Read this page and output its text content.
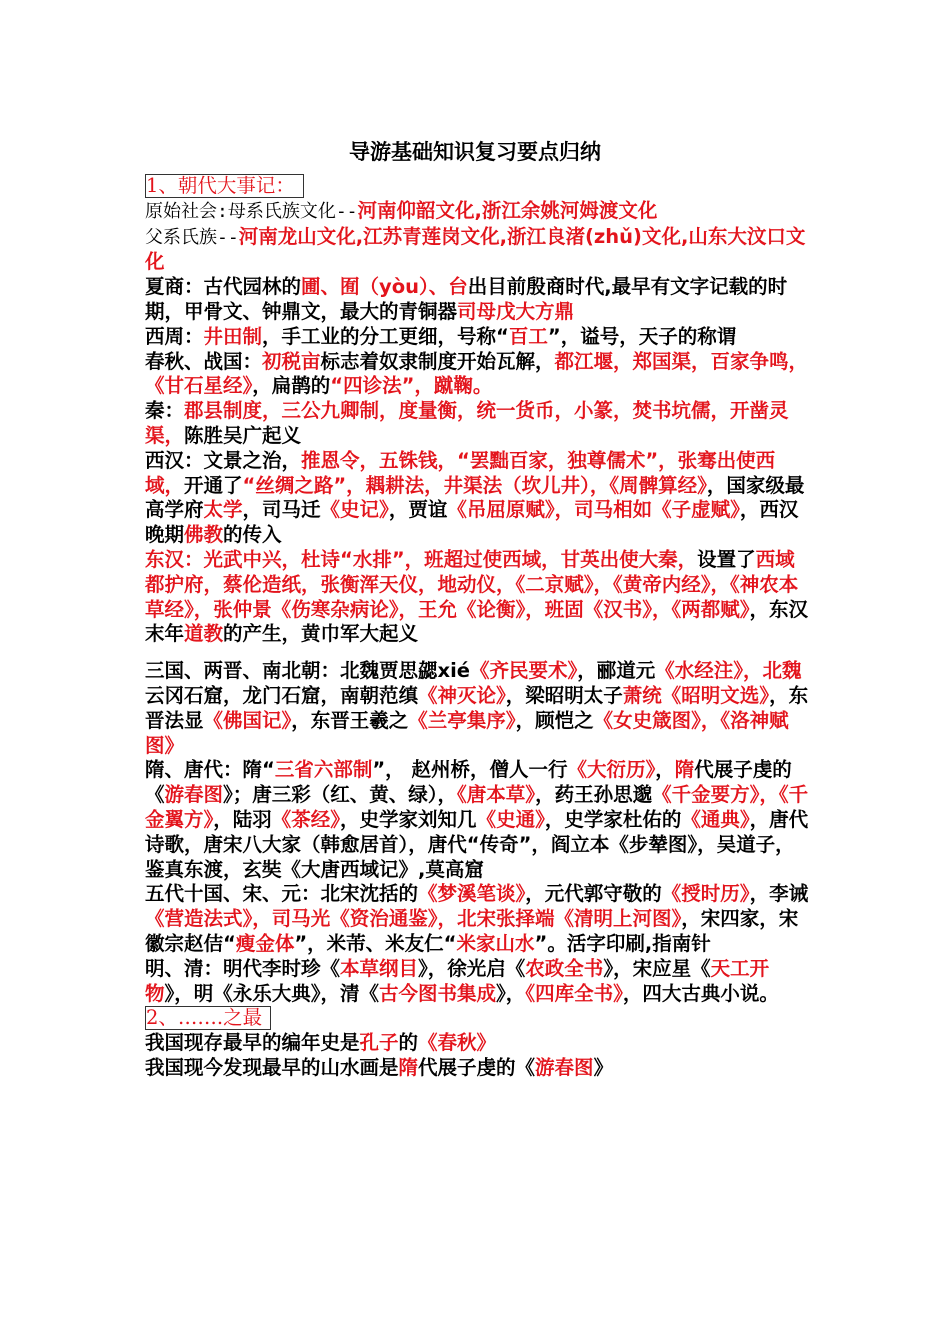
导游基础知识复习要点归纳
1、朝代大事记：

原始社会:母系氏族文化--河南仰韶文化,浙江余姚河姆渡文化

父系氏族--河南龙山文化,江苏青莲岗文化,浙江良渚(zhǔ)文化,山东大汶口文化

夏商：古代园林的圃、囿（yòu）、台出目前殷商时代,最早有文字记载的时期，甲骨文、钟鼎文，最大的青铜器司母戊大方鼎

西周：井田制，手工业的分工更细，号称“百工”，谥号，天子的称谓

春秋、战国：初税亩标志着奴隶制度开始瓦解，都江堰，郑国渠，百家争鸣，《甘石星经》，扁鹊的“四诊法”，蹴鞠。

秦：郡县制度，三公九卿制，度量衡，统一货币，小篆，焚书坑儒，开凿灵渠，陈胜吴广起义

西汉：文景之治，推恩令，五铢钱，“罢黜百家，独尊儒术”，张骞出使西域，开通了“丝绸之路”，耦耕法，井渠法（坎儿井），《周髀算经》，国家级最高学府太学，司马迁《史记》，贾谊《吊屈原赋》，司马相如《子虚赋》，西汉晚期佛教的传入

东汉：光武中兴，杜诗“水排”，班超过使西域，甘英出使大秦，设置了西域都护府，蔡伦造纸，张衡浑天仪，地动仪，《二京赋》，《黄帝内经》，《神农本草经》，张仲景《伤寒杂病论》，王允《论衡》，班固《汉书》，《两都赋》，东汉末年道教的产生，黄巾军大起义

三国、两晋、南北朝：北魏贾思勰xié《齐民要术》，郦道元《水经注》，北魏云冈石窟，龙门石窟，南朝范缜《神灭论》，梁昭明太子萧统《昭明文选》，东晋法显《佛国记》，东晋王羲之《兰亭集序》，顾恺之《女史箴图》，《洛神赋图》

隋、唐代：隋“三省六部制”， 赵州桥，僧人一行《大衍历》，隋代展子虔的《游春图》；唐三彩（红、黄、绿），《唐本草》，药王孙思邈《千金要方》，《千金翼方》，陆羽《茶经》，史学家刘知几《史通》，史学家杜佑的《通典》，唐代诗歌，唐宋八大家（韩愈居首），唐代“传奇”，阎立本《步辇图》，吴道子，鉴真东渡，玄奘《大唐西域记》,莫高窟

五代十国、宋、元：北宋沈括的《梦溪笔谈》，元代郭守敬的《授时历》，李诫《营造法式》，司马光《资治通鉴》，北宋张择端《清明上河图》，宋四家，宋徽宗赵佶“瘦金体”，米芾、米友仁“米家山水”。活字印刷,指南针

明、清：明代李时珍《本草纲目》，徐光启《农政全书》，宋应星《天工开物》，明《永乐大典》，清《古今图书集成》，《四库全书》，四大古典小说。

2、…….之最

我国现存最早的编年史是孔子的《春秋》

我国现今发现最早的山水画是隋代展子虔的《游春图》
